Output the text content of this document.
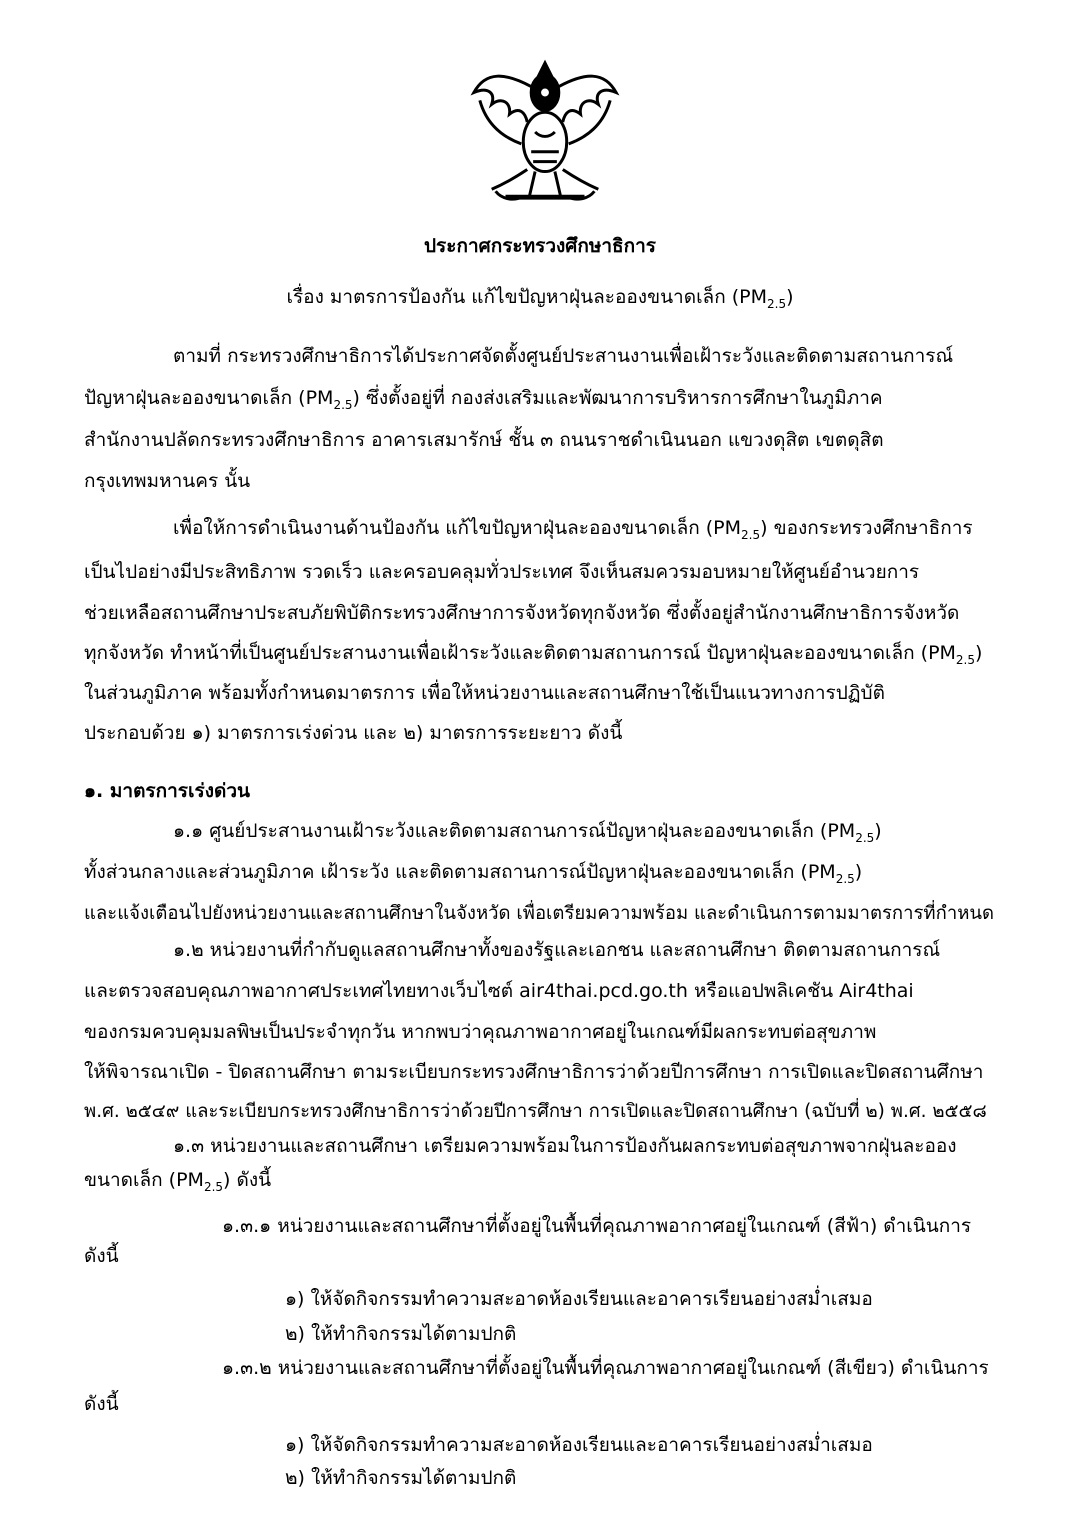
ประกาศกระทรวงศึกษาธิการ
เรื่อง มาตรการป้องกัน แก้ไขปัญหาฝุ่นละอองขนาดเล็ก $(PM_{2.5})$
ตามที่ กระทรวงศึกษาธิการได้ประกาศจัดตั้งศูนย์ประสานงานเพื่อเฝ้าระวังและติดตามสถานการณ์
ปัญหาฝุ่นละอองขนาดเล็ก $(PM_{2.5})$ ซึ่งตั้งอยู่ที่ กองส่งเสริมและพัฒนาการบริหารการศึกษาในภูมิภาค
สำนักงานปลัดกระทรวงศึกษาธิการ อาคารเสมารักษ์ ชั้น ๓ ถนนราชดำเนินนอก แขวงดุสิต เขตดุสิต
กรุงเทพมหานคร นั้น
เพื่อให้การดำเนินงานด้านป้องกัน แก้ไขปัญหาฝุ่นละอองขนาดเล็ก $(PM_{2.5})$ ของกระทรวงศึกษาธิการ
เป็นไปอย่างมีประสิทธิภาพ รวดเร็ว และครอบคลุมทั่วประเทศ จึงเห็นสมควรมอบหมายให้ศูนย์อำนวยการ
ช่วยเหลือสถานศึกษาประสบภัยพิบัติกระทรวงศึกษาการจังหวัดทุกจังหวัด ซึ่งตั้งอยู่สำนักงานศึกษาธิการจังหวัด
ทุกจังหวัด ทำหน้าที่เป็นศูนย์ประสานงานเพื่อเฝ้าระวังและติดตามสถานการณ์ ปัญหาฝุ่นละอองขนาดเล็ก $(PM_{2.5})$
ในส่วนภูมิภาค พร้อมทั้งกำหนดมาตรการ เพื่อให้หน่วยงานและสถานศึกษาใช้เป็นแนวทางการปฏิบัติ
ประกอบด้วย ๑) มาตรการเร่งด่วน และ ๒) มาตรการระยะยาว ดังนี้
๑. มาตรการเร่งด่วน
๑.๑ ศูนย์ประสานงานเฝ้าระวังและติดตามสถานการณ์ปัญหาฝุ่นละอองขนาดเล็ก $(PM_{2.5})$
ทั้งส่วนกลางและส่วนภูมิภาค เฝ้าระวัง และติดตามสถานการณ์ปัญหาฝุ่นละอองขนาดเล็ก $(PM_{2.5})$
และแจ้งเตือนไปยังหน่วยงานและสถานศึกษาในจังหวัด เพื่อเตรียมความพร้อม และดำเนินการตามมาตรการที่กำหนด
๑.๒ หน่วยงานที่กำกับดูแลสถานศึกษาทั้งของรัฐและเอกชน และสถานศึกษา ติดตามสถานการณ์
และตรวจสอบคุณภาพอากาศประเทศไทยทางเว็บไซต์ air4thai.pcd.go.th หรือแอปพลิเคชัน Air4thai
ของกรมควบคุมมลพิษเป็นประจำทุกวัน หากพบว่าคุณภาพอากาศอยู่ในเกณฑ์มีผลกระทบต่อสุขภาพ
ให้พิจารณาเปิด - ปิดสถานศึกษา ตามระเบียบกระทรวงศึกษาธิการว่าด้วยปีการศึกษา การเปิดและปิดสถานศึกษา
พ.ศ. ๒๕๔๙ และระเบียบกระทรวงศึกษาธิการว่าด้วยปีการศึกษา การเปิดและปิดสถานศึกษา (ฉบับที่ ๒) พ.ศ. ๒๕๕๘
๑.๓ หน่วยงานและสถานศึกษา เตรียมความพร้อมในการป้องกันผลกระทบต่อสุขภาพจากฝุ่นละออง
ขนาดเล็ก $(PM_{2.5})$ ดังนี้
๑.๓.๑ หน่วยงานและสถานศึกษาที่ตั้งอยู่ในพื้นที่คุณภาพอากาศอยู่ในเกณฑ์ (สีฟ้า) ดำเนินการ
ดังนี้
๑) ให้จัดกิจกรรมทำความสะอาดห้องเรียนและอาคารเรียนอย่างสม่ำเสมอ
๒) ให้ทำกิจกรรมได้ตามปกติ
๑.๓.๒ หน่วยงานและสถานศึกษาที่ตั้งอยู่ในพื้นที่คุณภาพอากาศอยู่ในเกณฑ์ (สีเขียว) ดำเนินการ
ดังนี้
๑) ให้จัดกิจกรรมทำความสะอาดห้องเรียนและอาคารเรียนอย่างสม่ำเสมอ
๒) ให้ทำกิจกรรมได้ตามปกติ
